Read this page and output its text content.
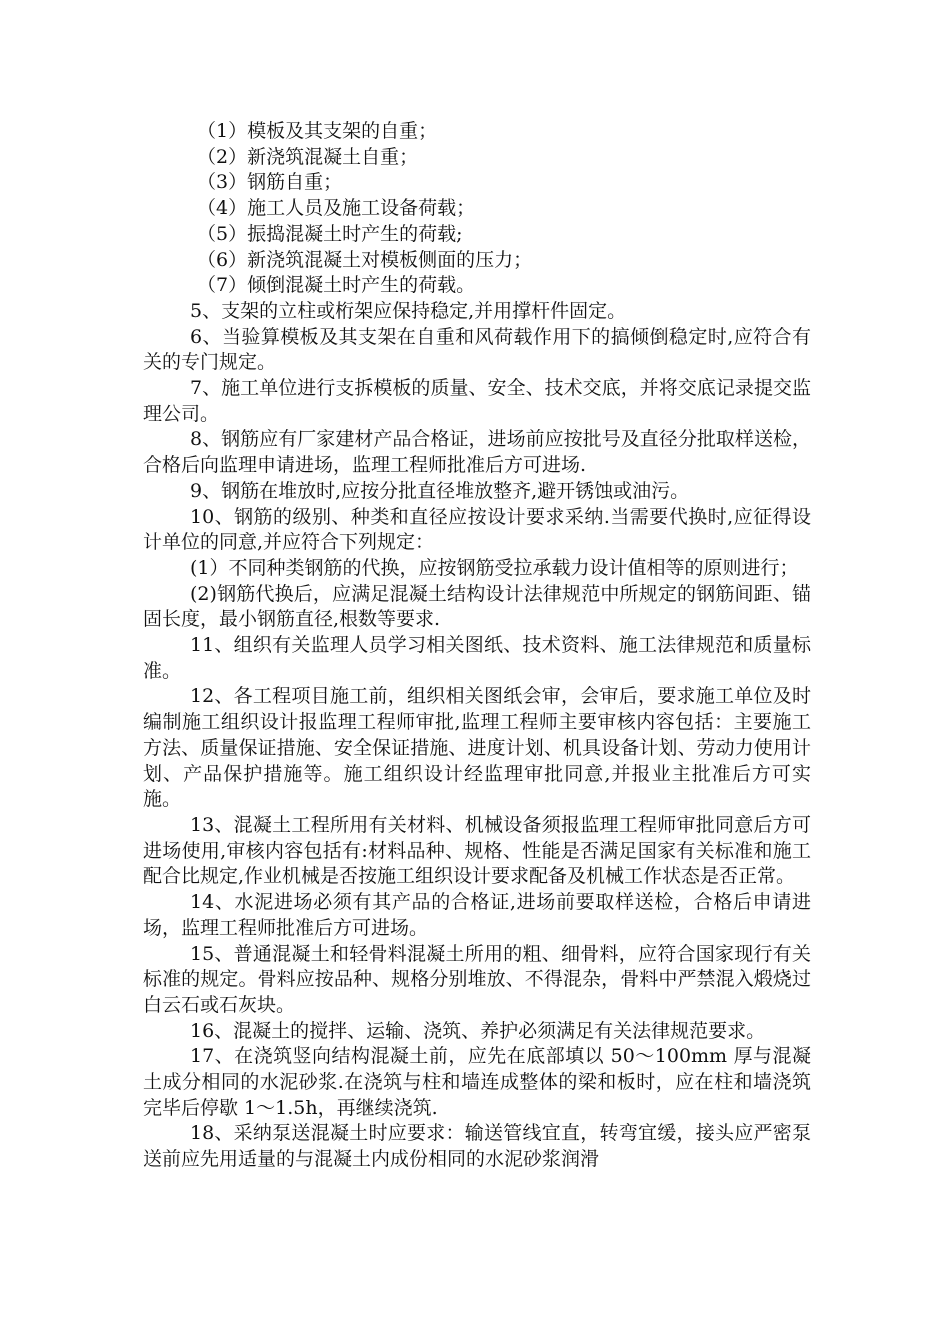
（1）模板及其支架的自重；

（2）新浇筑混凝土自重；

（3）钢筋自重；

（4）施工人员及施工设备荷载；

（5）振捣混凝土时产生的荷载;

（6）新浇筑混凝土对模板侧面的压力；

（7）倾倒混凝土时产生的荷载。

5、支架的立柱或桁架应保持稳定,并用撑杆件固定。

6、当验算模板及其支架在自重和风荷载作用下的搞倾倒稳定时,应符合有关的专门规定。

7、施工单位进行支拆模板的质量、安全、技术交底，并将交底记录提交监理公司。

8、钢筋应有厂家建材产品合格证，进场前应按批号及直径分批取样送检，合格后向监理申请进场，监理工程师批准后方可进场.

9、钢筋在堆放时,应按分批直径堆放整齐,避开锈蚀或油污。

10、钢筋的级别、种类和直径应按设计要求采纳.当需要代换时,应征得设计单位的同意,并应符合下列规定：

(1）不同种类钢筋的代换，应按钢筋受拉承载力设计值相等的原则进行；

(2)钢筋代换后，应满足混凝土结构设计法律规范中所规定的钢筋间距、锚固长度，最小钢筋直径,根数等要求.

11、组织有关监理人员学习相关图纸、技术资料、施工法律规范和质量标准。

12、各工程项目施工前，组织相关图纸会审，会审后，要求施工单位及时编制施工组织设计报监理工程师审批,监理工程师主要审核内容包括：主要施工方法、质量保证措施、安全保证措施、进度计划、机具设备计划、劳动力使用计划、产品保护措施等。施工组织设计经监理审批同意,并报业主批准后方可实施。

13、混凝土工程所用有关材料、机械设备须报监理工程师审批同意后方可进场使用,审核内容包括有:材料品种、规格、性能是否满足国家有关标准和施工配合比规定,作业机械是否按施工组织设计要求配备及机械工作状态是否正常。

14、水泥进场必须有其产品的合格证,进场前要取样送检，合格后申请进场，监理工程师批准后方可进场。

15、普通混凝土和轻骨料混凝土所用的粗、细骨料，应符合国家现行有关标准的规定。骨料应按品种、规格分别堆放、不得混杂，骨料中严禁混入煅烧过白云石或石灰块。

16、混凝土的搅拌、运输、浇筑、养护必须满足有关法律规范要求。

17、在浇筑竖向结构混凝土前，应先在底部填以 50～100mm 厚与混凝土成分相同的水泥砂浆.在浇筑与柱和墙连成整体的梁和板时，应在柱和墙浇筑完毕后停歇 1～1.5h，再继续浇筑.

18、采纳泵送混凝土时应要求：输送管线宜直，转弯宜缓，接头应严密泵送前应先用适量的与混凝土内成份相同的水泥砂浆润滑
